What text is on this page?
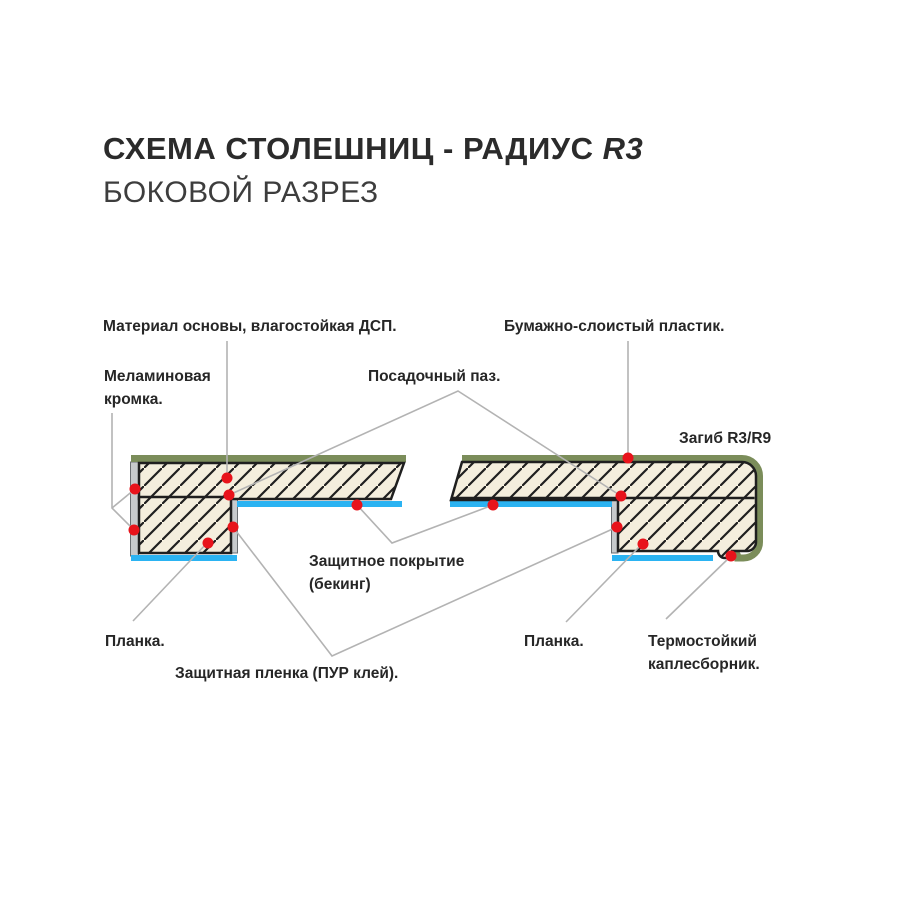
СХЕМА СТОЛЕШНИЦ - РАДИУС R3
БОКОВОЙ РАЗРЕЗ
Материал основы, влагостойкая ДСП.	Бумажно-слоистый пластик.
Меламиновая
кромка.
Посадочный паз.
Загиб R3/R9
Защитное покрытие
(бекинг)
Планка.
Защитная пленка (ПУР клей).
Планка.	Термостойкий
каплесборник.
